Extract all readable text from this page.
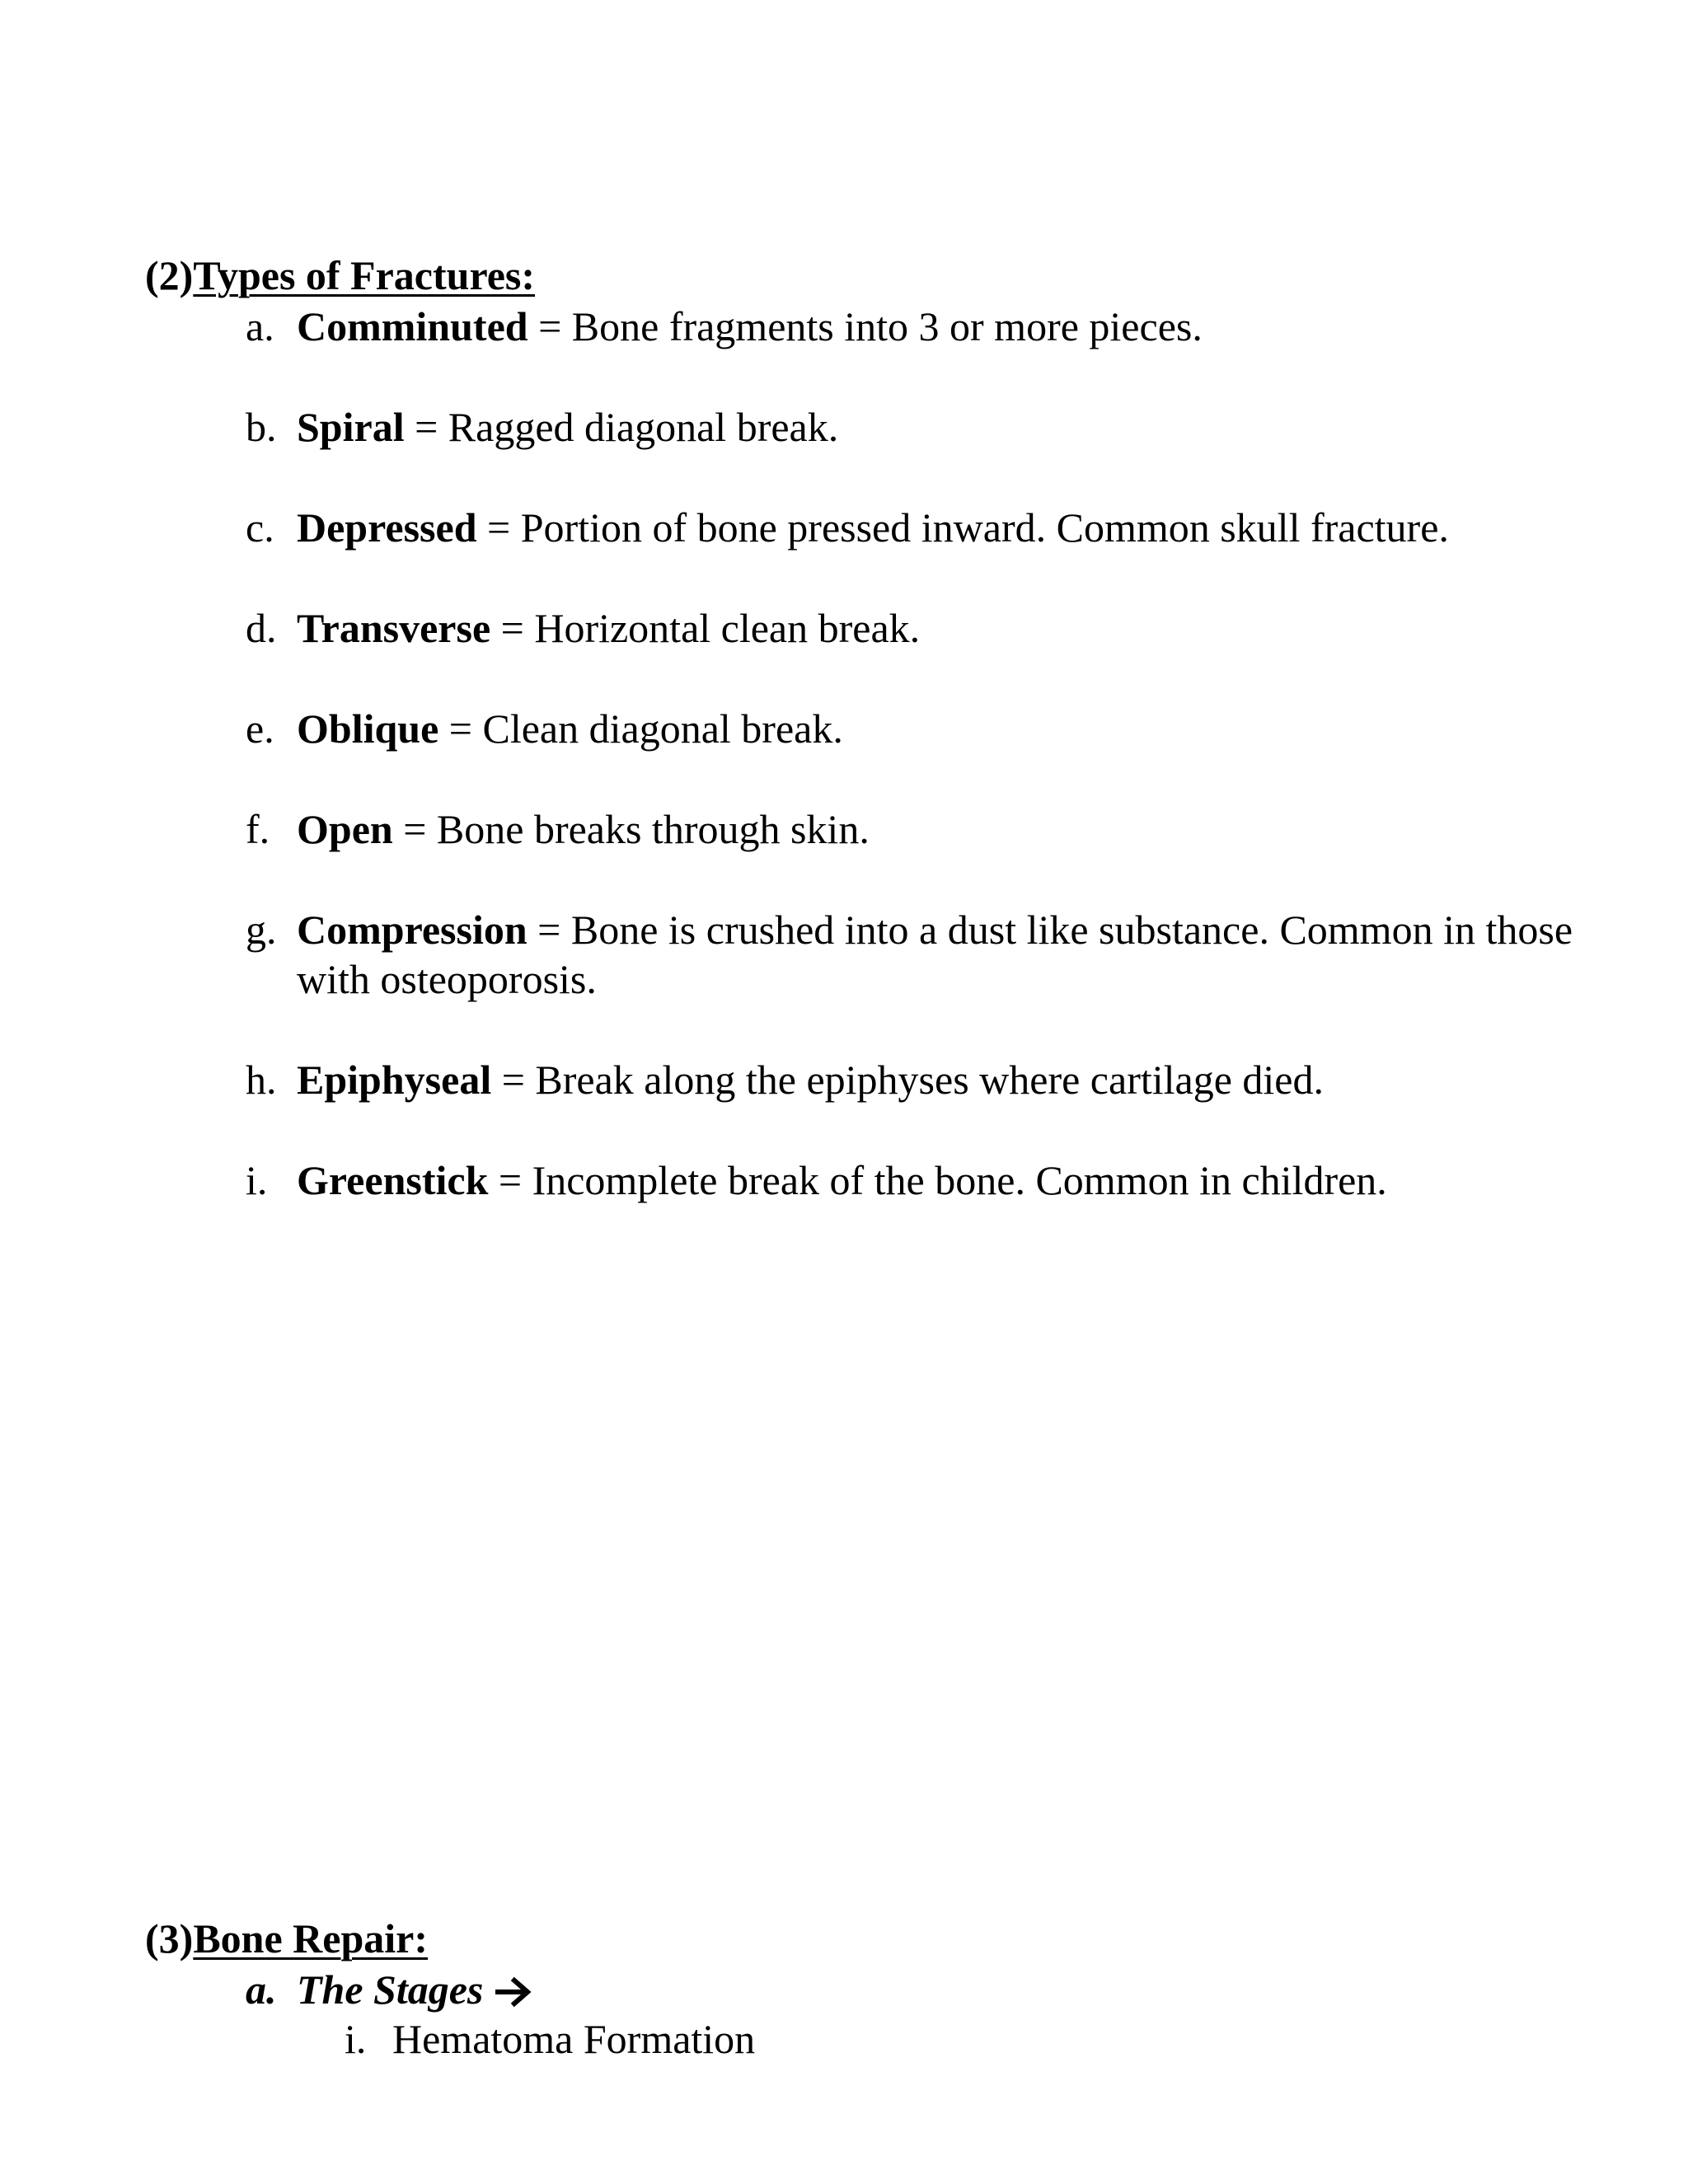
(2)Types of Fractures:
a. Comminuted = Bone fragments into 3 or more pieces.
b. Spiral = Ragged diagonal break.
c. Depressed = Portion of bone pressed inward. Common skull fracture.
d. Transverse = Horizontal clean break.
e. Oblique = Clean diagonal break.
f. Open = Bone breaks through skin.
g. Compression = Bone is crushed into a dust like substance. Common in those with osteoporosis.
h. Epiphyseal = Break along the epiphyses where cartilage died.
i. Greenstick = Incomplete break of the bone. Common in children.
(3)Bone Repair:
a. The Stages
i. Hematoma Formation
